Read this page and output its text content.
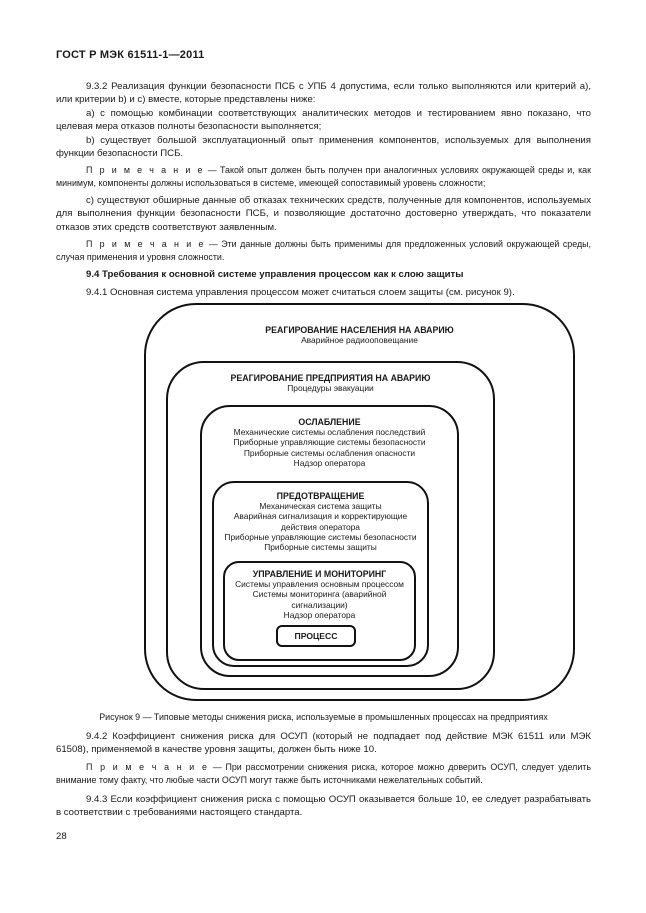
ГОСТ Р МЭК 61511-1—2011
9.3.2 Реализация функции безопасности ПСБ с УПБ 4 допустима, если только выполняются или критерий а), или критерии b) и с) вместе, которые представлены ниже:
а) с помощью комбинации соответствующих аналитических методов и тестированием явно показано, что целевая мера отказов полноты безопасности выполняется;
b) существует большой эксплуатационный опыт применения компонентов, используемых для выполнения функции безопасности ПСБ.
П р и м е ч а н и е — Такой опыт должен быть получен при аналогичных условиях окружающей среды и, как минимум, компоненты должны использоваться в системе, имеющей сопоставимый уровень сложности;
с) существуют обширные данные об отказах технических средств, полученные для компонентов, используемых для выполнения функции безопасности ПСБ, и позволяющие достаточно достоверно утверждать, что показатели отказов этих средств соответствуют заявленным.
П р и м е ч а н и е — Эти данные должны быть применимы для предложенных условий окружающей среды, случая применения и уровня сложности.
9.4 Требования к основной системе управления процессом как к слою защиты
9.4.1 Основная система управления процессом может считаться слоем защиты (см. рисунок 9).
РЕАГИРОВАНИЕ НАСЕЛЕНИЯ НА АВАРИЮ
Аварийное радиооповещание
РЕАГИРОВАНИЕ ПРЕДПРИЯТИЯ НА АВАРИЮ
Процедуры эвакуации
ОСЛАБЛЕНИЕ
Механические системы ослабления последствий
Приборные управляющие системы безопасности
Приборные системы ослабления опасности
Надзор оператора
ПРЕДОТВРАЩЕНИЕ
Механическая система защиты
Аварийная сигнализация и корректирующие
действия оператора
Приборные управляющие системы безопасности
Приборные системы защиты
УПРАВЛЕНИЕ И МОНИТОРИНГ
Системы управления основным процессом
Системы мониторинга (аварийной
сигнализации)
Надзор оператора
ПРОЦЕСС
Рисунок 9 — Типовые методы снижения риска, используемые в промышленных процессах на предприятиях
9.4.2 Коэффициент снижения риска для ОСУП (который не подпадает под действие МЭК 61511 или МЭК 61508), применяемой в качестве уровня защиты, должен быть ниже 10.
П р и м е ч а н и е — При рассмотрении снижения риска, которое можно доверить ОСУП, следует уделить внимание тому факту, что любые части ОСУП могут также быть источниками нежелательных событий.
9.4.3 Если коэффициент снижения риска с помощью ОСУП оказывается больше 10, ее следует разрабатывать в соответствии с требованиями настоящего стандарта.
28
